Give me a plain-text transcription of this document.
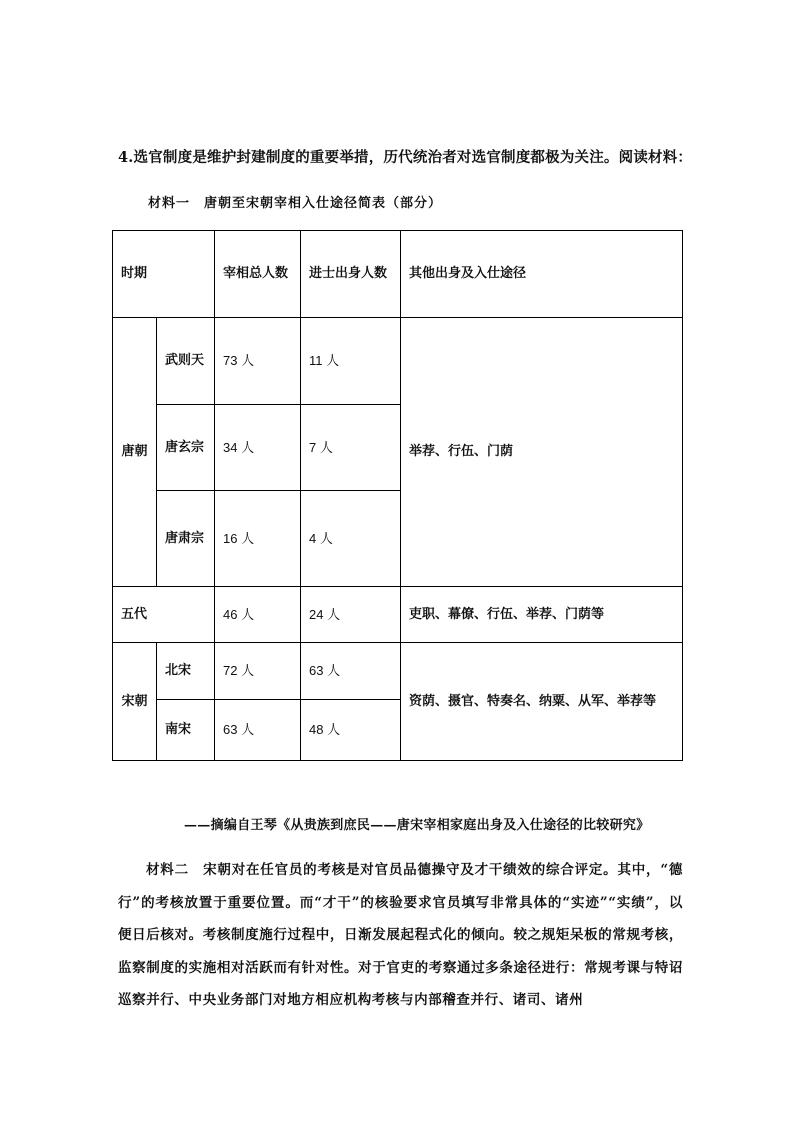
4.选官制度是维护封建制度的重要举措，历代统治者对选官制度都极为关注。阅读材料：
材料一　唐朝至宋朝宰相入仕途径简表（部分）
时期		宰相总人数	进士出身人数	其他出身及入仕途径
唐朝	武则天	73 人	11 人	举荐、行伍、门荫
	唐玄宗	34 人	7 人	
	唐肃宗	16 人	4 人	
五代		46 人	24 人	吏职、幕僚、行伍、举荐、门荫等
宋朝	北宋	72 人	63 人	资荫、摄官、特奏名、纳粟、从军、举荐等
	南宋	63 人	48 人	
——摘编自王琴《从贵族到庶民——唐宋宰相家庭出身及入仕途径的比较研究》
材料二　宋朝对在任官员的考核是对官员品德操守及才干绩效的综合评定。其中，“德行”的考核放置于重要位置。而“才干”的核验要求官员填写非常具体的“实迹”“实绩”，以便日后核对。考核制度施行过程中，日渐发展起程式化的倾向。较之规矩呆板的常规考核，监察制度的实施相对活跃而有针对性。对于官吏的考察通过多条途径进行：常规考课与特诏巡察并行、中央业务部门对地方相应机构考核与内部稽查并行、诸司、诸州
